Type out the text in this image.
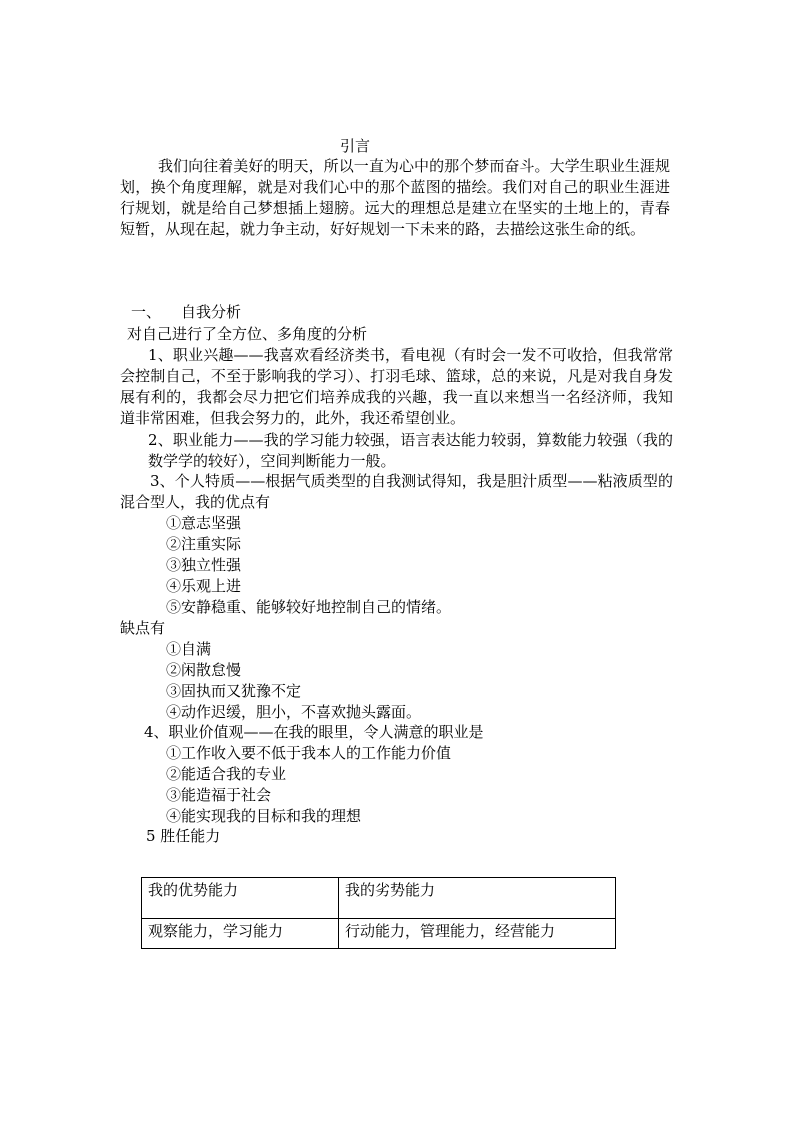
引言
我们向往着美好的明天，所以一直为心中的那个梦而奋斗。大学生职业生涯规划，换个角度理解，就是对我们心中的那个蓝图的描绘。我们对自己的职业生涯进行规划，就是给自己梦想插上翅膀。远大的理想总是建立在坚实的土地上的，青春短暂，从现在起，就力争主动，好好规划一下未来的路，去描绘这张生命的纸。
一、 自我分析
对自己进行了全方位、多角度的分析
1、职业兴趣——我喜欢看经济类书，看电视（有时会一发不可收拾，但我常常会控制自己，不至于影响我的学习）、打羽毛球、篮球，总的来说，凡是对我自身发展有利的，我都会尽力把它们培养成我的兴趣，我一直以来想当一名经济师，我知道非常困难，但我会努力的，此外，我还希望创业。
2、职业能力——我的学习能力较强，语言表达能力较弱，算数能力较强（我的数学学的较好），空间判断能力一般。
3、个人特质——根据气质类型的自我测试得知，我是胆汁质型——粘液质型的混合型人，我的优点有
①意志坚强
②注重实际
③独立性强
④乐观上进
⑤安静稳重、能够较好地控制自己的情绪。
缺点有
①自满
②闲散怠慢
③固执而又犹豫不定
④动作迟缓，胆小，不喜欢抛头露面。
4、职业价值观——在我的眼里，令人满意的职业是
①工作收入要不低于我本人的工作能力价值
②能适合我的专业
③能造福于社会
④能实现我的目标和我的理想
5 胜任能力
我的优势能力	我的劣势能力
观察能力，学习能力	行动能力，管理能力，经营能力
